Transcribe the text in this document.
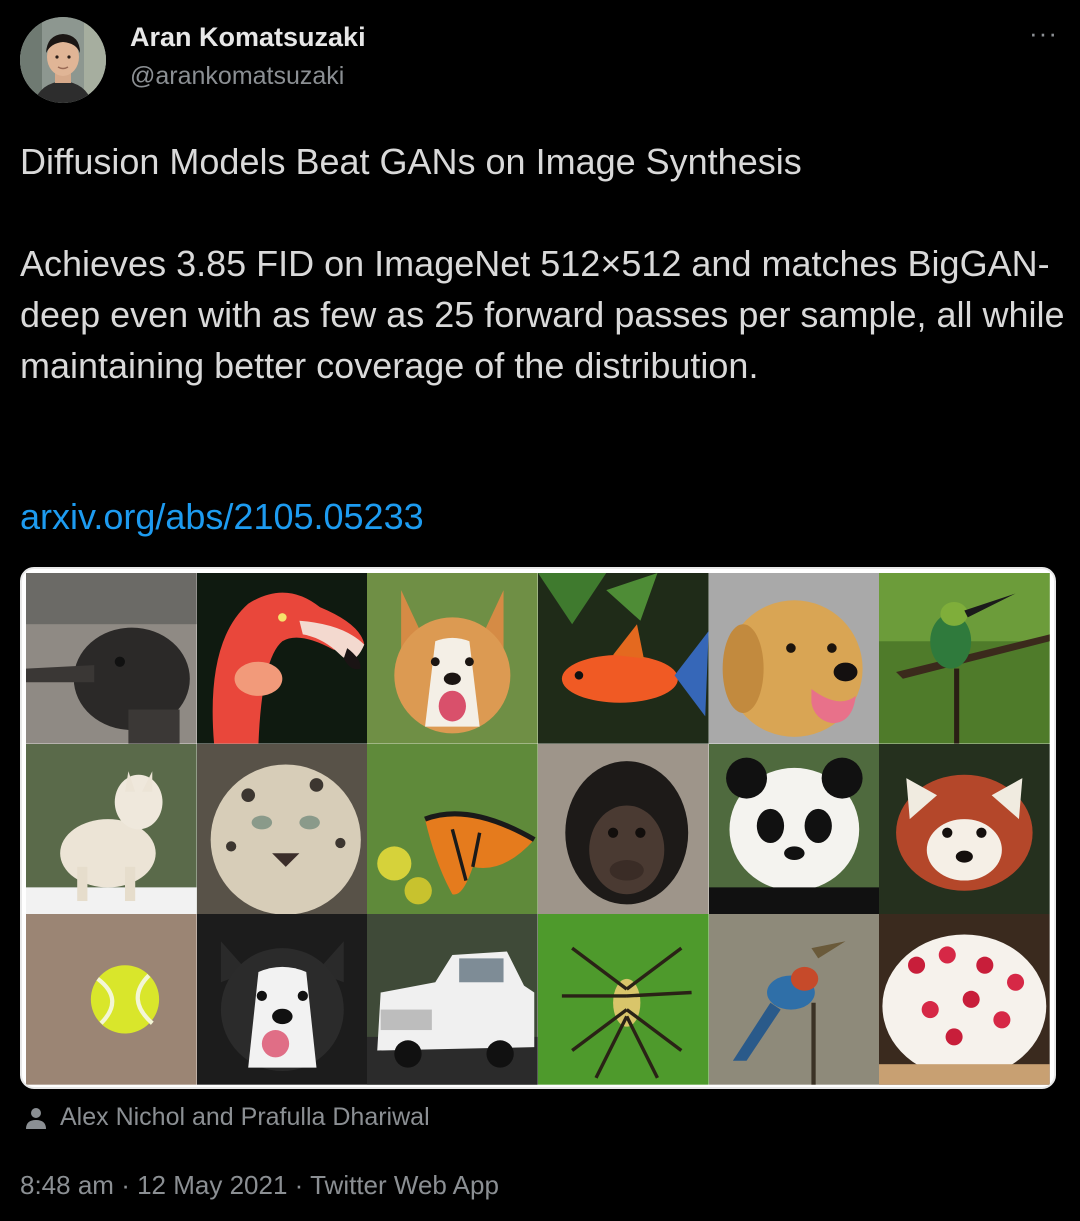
Aran Komatsuzaki
@arankomatsuzaki
···
Diffusion Models Beat GANs on Image Synthesis
Achieves 3.85 FID on ImageNet 512×512 and matches BigGAN-deep even with as few as 25 forward passes per sample, all while maintaining better coverage of the distribution.
arxiv.org/abs/2105.05233
Alex Nichol and Prafulla Dhariwal
8:48 am · 12 May 2021 · Twitter Web App
